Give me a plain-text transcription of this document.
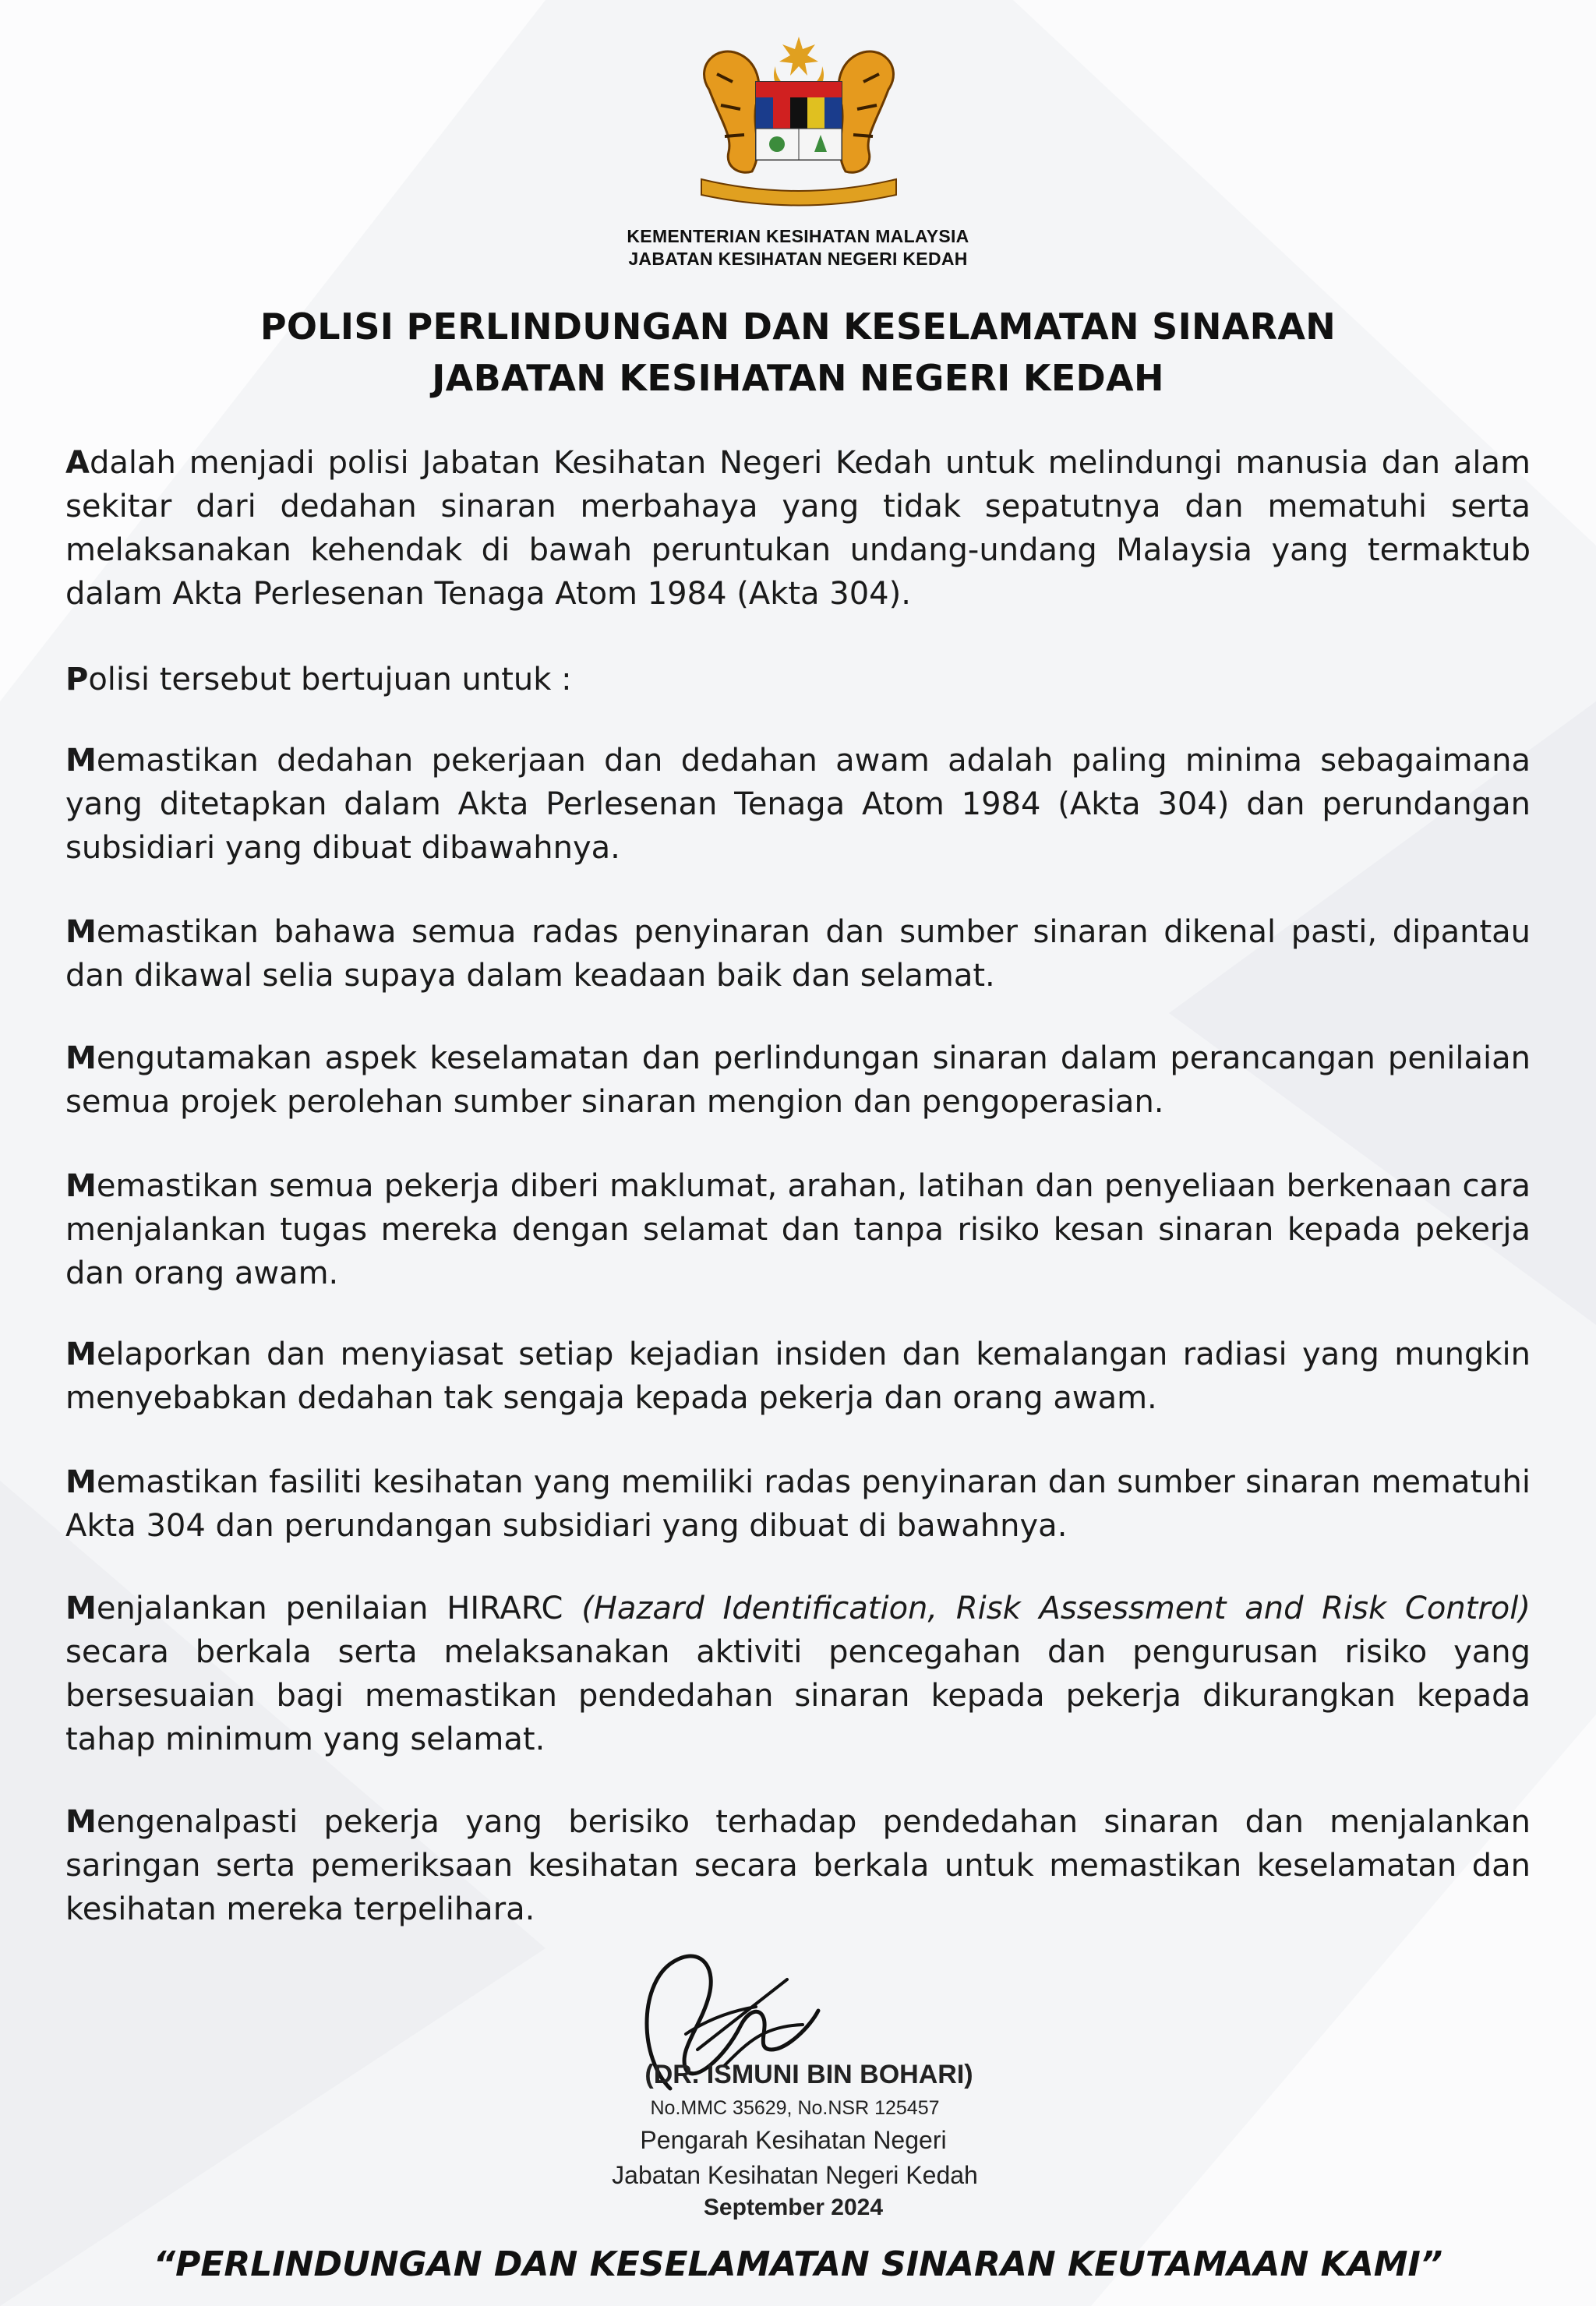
KEMENTERIAN KESIHATAN MALAYSIA
JABATAN KESIHATAN NEGERI KEDAH
POLISI PERLINDUNGAN DAN KESELAMATAN SINARAN
JABATAN KESIHATAN NEGERI KEDAH

Adalah menjadi polisi Jabatan Kesihatan Negeri Kedah untuk melindungi manusia dan alam sekitar dari dedahan sinaran merbahaya yang tidak sepatutnya dan mematuhi serta melaksanakan kehendak di bawah peruntukan undang-undang Malaysia yang termaktub dalam Akta Perlesenan Tenaga Atom 1984 (Akta 304).

Polisi tersebut bertujuan untuk :

Memastikan dedahan pekerjaan dan dedahan awam adalah paling minima sebagaimana yang ditetapkan dalam Akta Perlesenan Tenaga Atom 1984 (Akta 304) dan perundangan subsidiari yang dibuat dibawahnya.

Memastikan bahawa semua radas penyinaran dan sumber sinaran dikenal pasti, dipantau dan dikawal selia supaya dalam keadaan baik dan selamat.

Mengutamakan aspek keselamatan dan perlindungan sinaran dalam perancangan penilaian semua projek perolehan sumber sinaran mengion dan pengoperasian.

Memastikan semua pekerja diberi maklumat, arahan, latihan dan penyeliaan berkenaan cara menjalankan tugas mereka dengan selamat dan tanpa risiko kesan sinaran kepada pekerja dan orang awam.

Melaporkan dan menyiasat setiap kejadian insiden dan kemalangan radiasi yang mungkin menyebabkan dedahan tak sengaja kepada pekerja dan orang awam.

Memastikan fasiliti kesihatan yang memiliki radas penyinaran dan sumber sinaran mematuhi Akta 304 dan perundangan subsidiari yang dibuat di bawahnya.

Menjalankan penilaian HIRARC (Hazard Identification, Risk Assessment and Risk Control) secara berkala serta melaksanakan aktiviti pencegahan dan pengurusan risiko yang bersesuaian bagi memastikan pendedahan sinaran kepada pekerja dikurangkan kepada tahap minimum yang selamat.

Mengenalpasti pekerja yang berisiko terhadap pendedahan sinaran dan menjalankan saringan serta pemeriksaan kesihatan secara berkala untuk memastikan keselamatan dan kesihatan mereka terpelihara.

(DR. ISMUNI BIN BOHARI)
No.MMC 35629, No.NSR 125457
Pengarah Kesihatan Negeri
Jabatan Kesihatan Negeri Kedah
September 2024
“PERLINDUNGAN DAN KESELAMATAN SINARAN KEUTAMAAN KAMI”
